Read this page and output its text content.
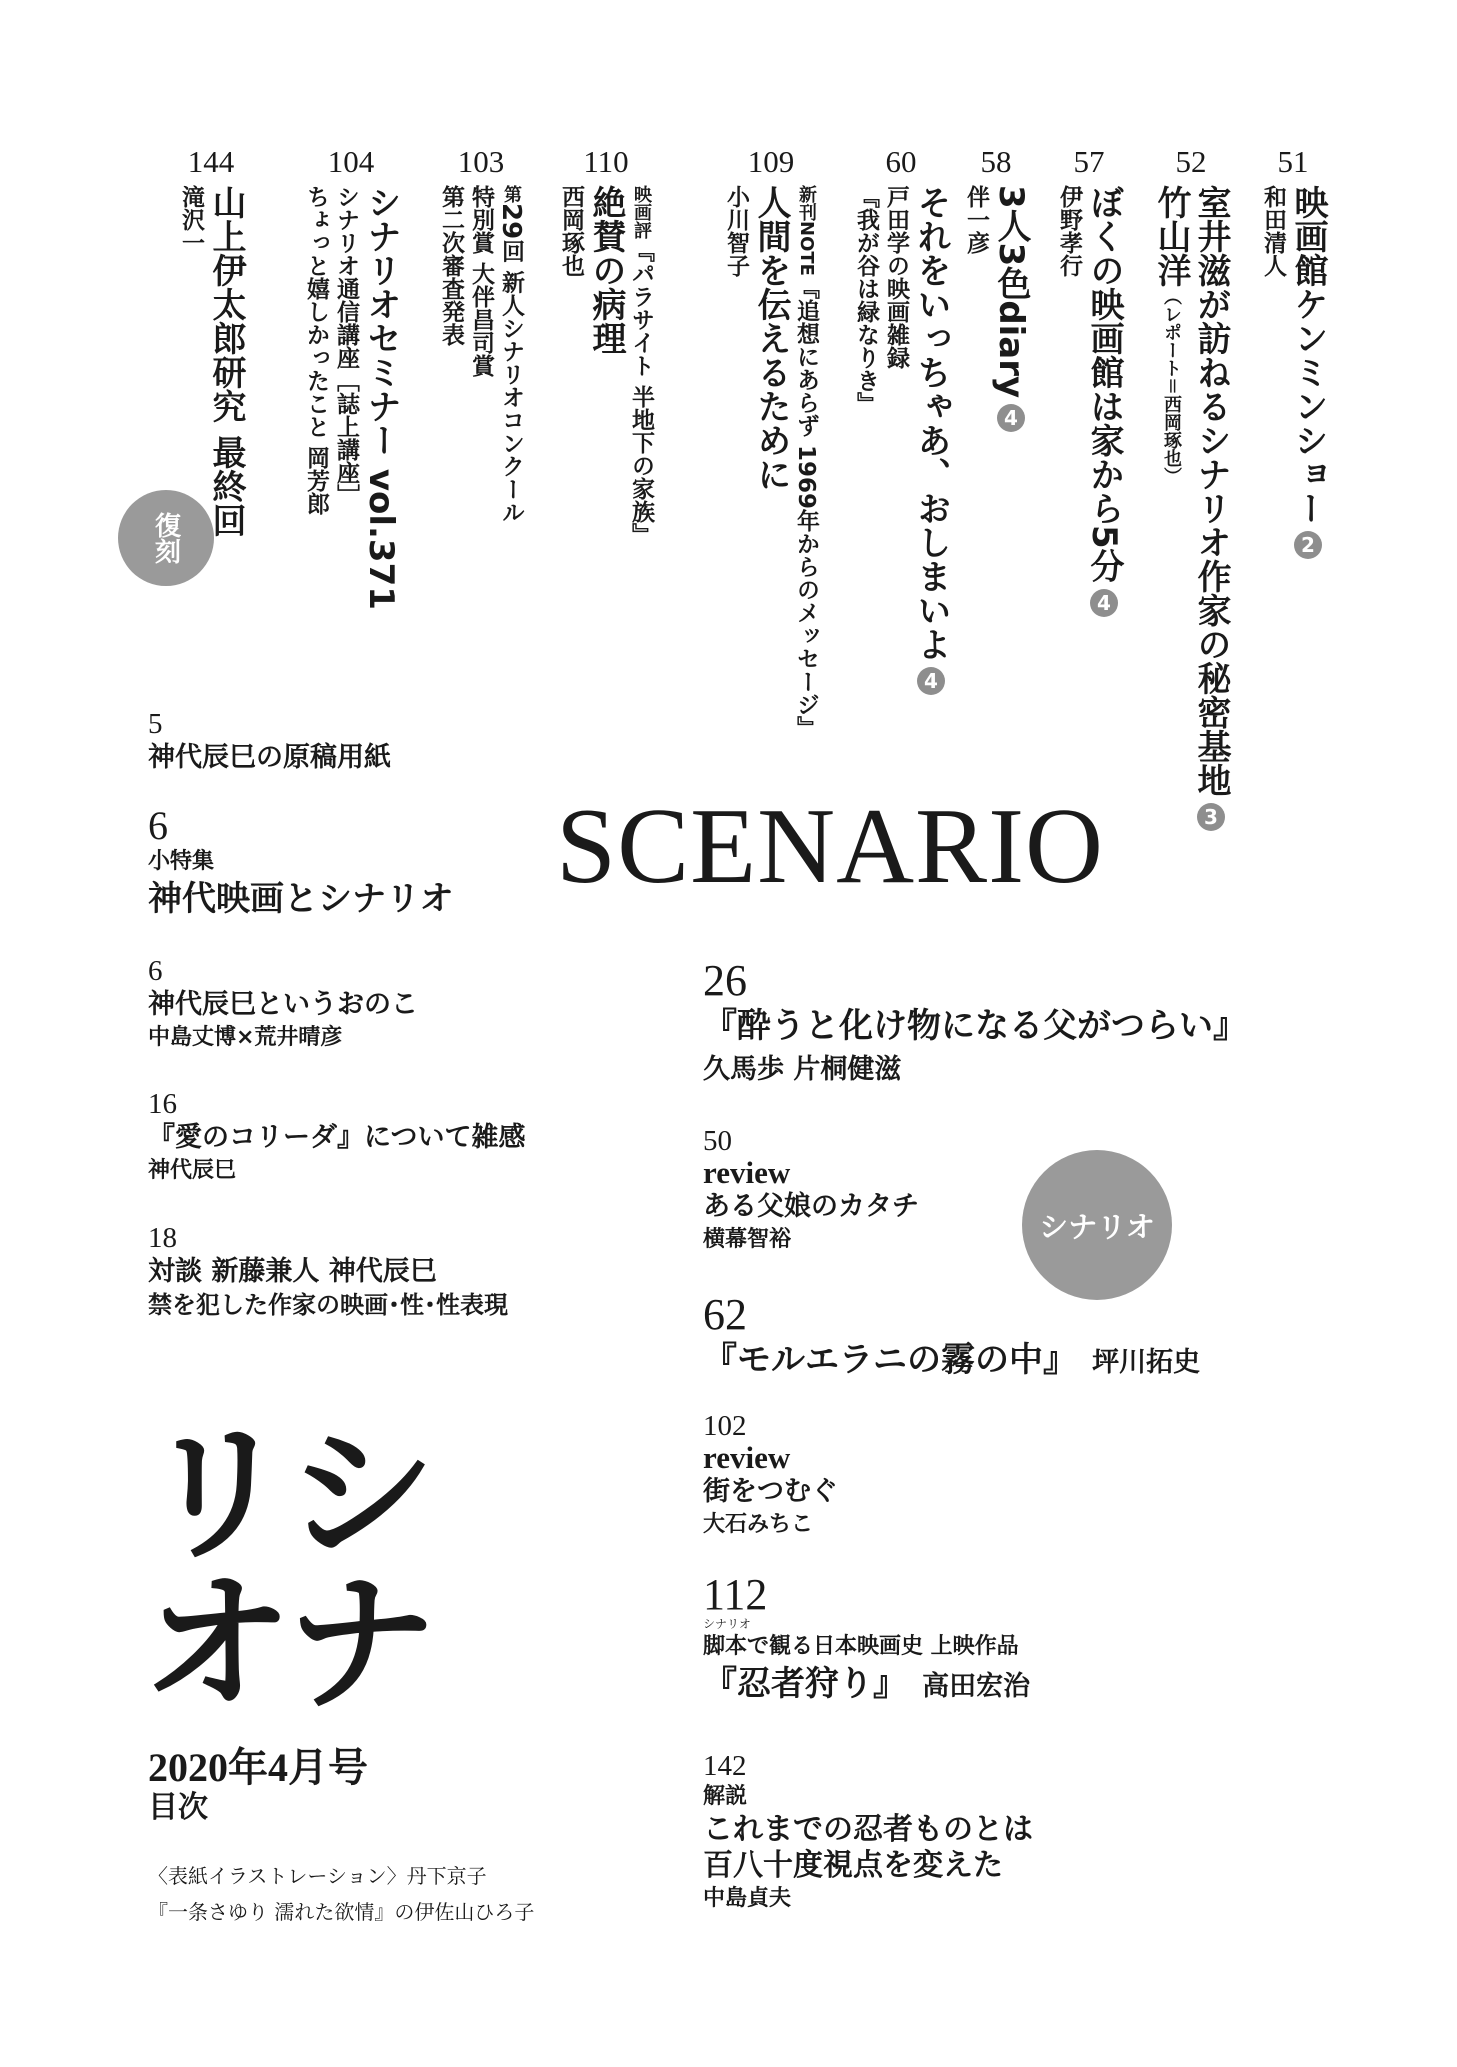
51
映画館ケンミンショー2
和田清人
52
室井滋が訪ねるシナリオ作家の秘密基地3
竹山洋（レポート＝西岡琢也）
57
ぼくの映画館は家から5分4
伊野孝行
58
3人3色diary4
伴一彦
60
それをいっちゃあ、おしまいよ4
戸田学の映画雑録
『我が谷は緑なりき』
109
新刊NOTE『追想にあらず 1969年からのメッセージ』
人間を伝えるために
小川智子
110
映画評『パラサイト 半地下の家族』
絶賛の病理
西岡琢也
103
第29回 新人シナリオコンクール
特別賞 大伴昌司賞
第二次審査発表
104
シナリオセミナー vol.371
シナリオ通信講座［誌上講座］
ちょっと嬉しかったこと 岡芳郎
144
山上伊太郎研究 最終回
滝沢一
復刻
5
神代辰巳の原稿用紙
6
小特集
神代映画とシナリオ
6
神代辰巳というおのこ
中島丈博×荒井晴彦
16
『愛のコリーダ』について雑感
神代辰巳
18
対談 新藤兼人 神代辰巳
禁を犯した作家の映画･性･性表現
SCENARIO
リシ
オナ
2020年4月号
目次
〈表紙イラストレーション〉丹下京子
『一条さゆり 濡れた欲情』の伊佐山ひろ子
26
『酔うと化け物になる父がつらい』
久馬歩 片桐健滋
50
review
ある父娘のカタチ
横幕智裕	シナリオ
62
『モルエラニの霧の中』 坪川拓史
102
review
街をつむぐ
大石みちこ
112
シナリオ
脚本で観る日本映画史 上映作品
『忍者狩り』 高田宏治
142
解説
これまでの忍者ものとは
百八十度視点を変えた
中島貞夫
